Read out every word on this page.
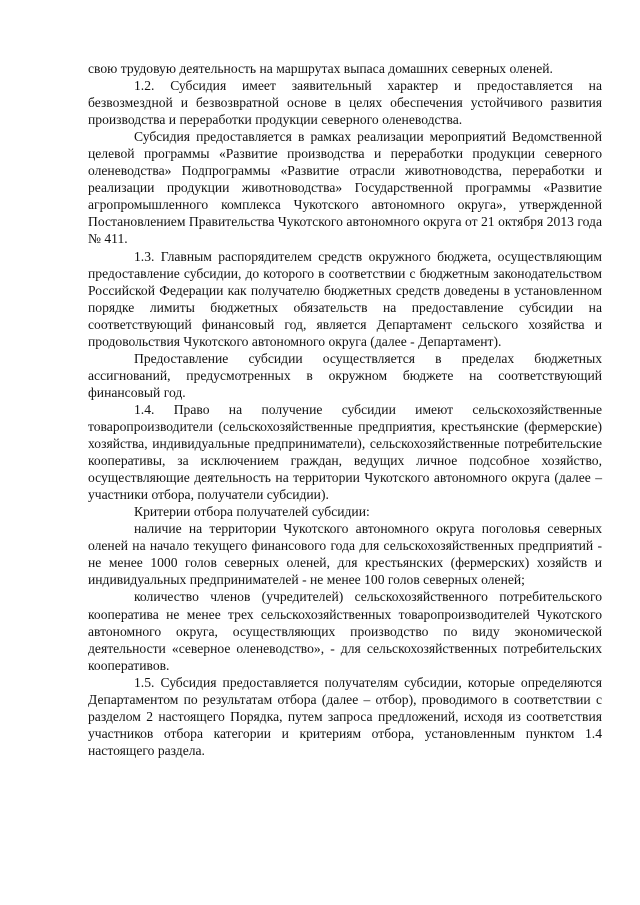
свою трудовую деятельность на маршрутах выпаса домашних северных оленей.

1.2. Субсидия имеет заявительный характер и предоставляется на безвозмездной и безвозвратной основе в целях обеспечения устойчивого развития производства и переработки продукции северного оленеводства.

Субсидия предоставляется в рамках реализации мероприятий Ведомственной целевой программы «Развитие производства и переработки продукции северного оленеводства» Подпрограммы «Развитие отрасли животноводства, переработки и реализации продукции животноводства» Государственной программы «Развитие агропромышленного комплекса Чукотского автономного округа», утвержденной Постановлением Правительства Чукотского автономного округа от 21 октября 2013 года № 411.

1.3. Главным распорядителем средств окружного бюджета, осуществляющим предоставление субсидии, до которого в соответствии с бюджетным законодательством Российской Федерации как получателю бюджетных средств доведены в установленном порядке лимиты бюджетных обязательств на предоставление субсидии на соответствующий финансовый год, является Департамент сельского хозяйства и продовольствия Чукотского автономного округа (далее - Департамент).

Предоставление субсидии осуществляется в пределах бюджетных ассигнований, предусмотренных в окружном бюджете на соответствующий финансовый год.

1.4. Право на получение субсидии имеют сельскохозяйственные товаропроизводители (сельскохозяйственные предприятия, крестьянские (фермерские) хозяйства, индивидуальные предприниматели), сельскохозяйственные потребительские кооперативы, за исключением граждан, ведущих личное подсобное хозяйство, осуществляющие деятельность на территории Чукотского автономного округа (далее – участники отбора, получатели субсидии).

Критерии отбора получателей субсидии:

наличие на территории Чукотского автономного округа поголовья северных оленей на начало текущего финансового года для сельскохозяйственных предприятий - не менее 1000 голов северных оленей, для крестьянских (фермерских) хозяйств и индивидуальных предпринимателей - не менее 100 голов северных оленей;

количество членов (учредителей) сельскохозяйственного потребительского кооператива не менее трех сельскохозяйственных товаропроизводителей Чукотского автономного округа, осуществляющих производство по виду экономической деятельности «северное оленеводство», - для сельскохозяйственных потребительских кооперативов.

1.5. Субсидия предоставляется получателям субсидии, которые определяются Департаментом по результатам отбора (далее – отбор), проводимого в соответствии с разделом 2 настоящего Порядка, путем запроса предложений, исходя из соответствия участников отбора категории и критериям отбора, установленным пунктом 1.4 настоящего раздела.
